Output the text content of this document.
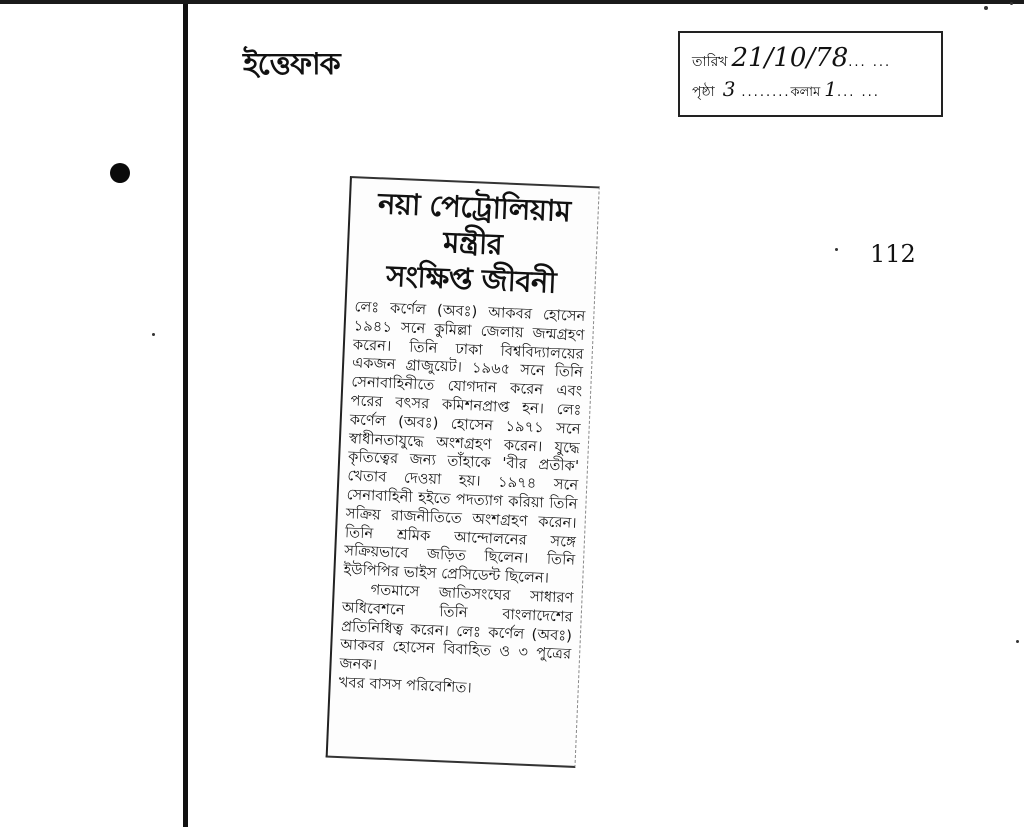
ইত্তেফাক	তারিখ 21/10/78 ... ...
পৃষ্ঠা 3 ........ কলাম 1 ... ...
112
নয়া পেট্রোলিয়াম মন্ত্রীর
সংক্ষিপ্ত জীবনী

লেঃ কর্ণেল (অবঃ) আকবর হোসেন ১৯৪১ সনে কুমিল্লা জেলায় জন্মগ্রহণ করেন। তিনি ঢাকা বিশ্ববিদ্যালয়ের একজন গ্রাজুয়েট। ১৯৬৫ সনে তিনি সেনাবাহিনীতে যোগদান করেন এবং পরের বৎসর কমিশনপ্রাপ্ত হন। লেঃ কর্ণেল (অবঃ) হোসেন ১৯৭১ সনে স্বাধীনতাযুদ্ধে অংশগ্রহণ করেন। যুদ্ধে কৃতিত্বের জন্য তাঁহাকে 'বীর প্রতীক' খেতাব দেওয়া হয়। ১৯৭৪ সনে সেনাবাহিনী হইতে পদত্যাগ করিয়া তিনি সক্রিয় রাজনীতিতে অংশগ্রহণ করেন। তিনি শ্রমিক আন্দোলনের সঙ্গে সক্রিয়ভাবে জড়িত ছিলেন। তিনি ইউপিপির ভাইস প্রেসিডেন্ট ছিলেন।

গতমাসে জাতিসংঘের সাধারণ অধিবেশনে তিনি বাংলাদেশের প্রতিনিধিত্ব করেন। লেঃ কর্ণেল (অবঃ) আকবর হোসেন বিবাহিত ও ৩ পুত্রের জনক।

খবর বাসস পরিবেশিত।
